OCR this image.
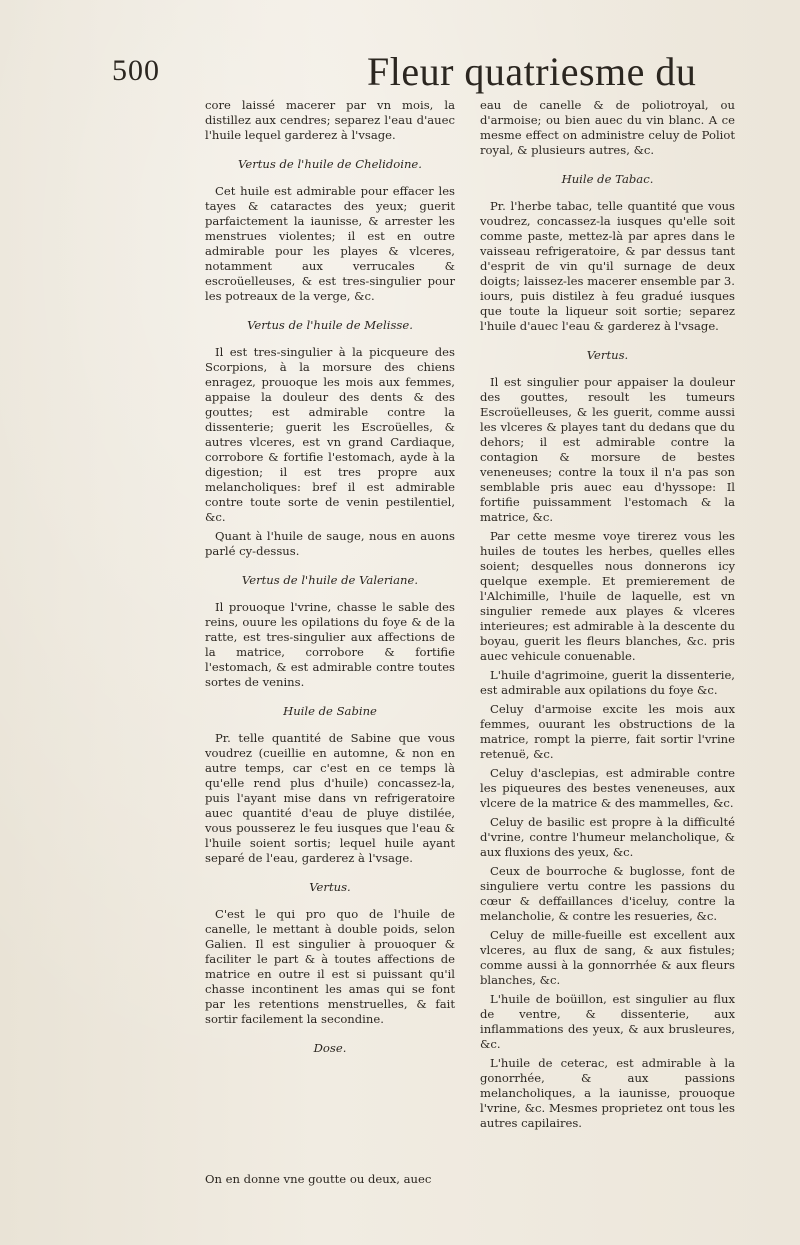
500	Fleur quatriesme du

core laissé macerer par vn mois, la distillez aux cendres; separez l'eau d'auec l'huile lequel garderez à l'vsage.

Vertus de l'huile de Chelidoine.

Cet huile est admirable pour effacer les tayes & cataractes des yeux; guerit parfaictement la iaunisse, & arrester les menstrues violentes; il est en outre admirable pour les playes & vlceres, notamment aux verrucales & escroüelleuses, & est tres-singulier pour les potreaux de la verge, &c.

Vertus de l'huile de Melisse.

Il est tres-singulier à la picqueure des Scorpions, à la morsure des chiens enragez, prouoque les mois aux femmes, appaise la douleur des dents & des gouttes; est admirable contre la dissenterie; guerit les Escroüelles, & autres vlceres, est vn grand Cardiaque, corrobore & fortifie l'estomach, ayde à la digestion; il est tres propre aux melancholiques: bref il est admirable contre toute sorte de venin pestilentiel, &c.

Quant à l'huile de sauge, nous en auons parlé cy-dessus.

Vertus de l'huile de Valeriane.

Il prouoque l'vrine, chasse le sable des reins, ouure les opilations du foye & de la ratte, est tres-singulier aux affections de la matrice, corrobore & fortifie l'estomach, & est admirable contre toutes sortes de venins.

Huile de Sabine

Pr. telle quantité de Sabine que vous voudrez (cueillie en automne, & non en autre temps, car c'est en ce temps là qu'elle rend plus d'huile) concassez-la, puis l'ayant mise dans vn refrigeratoire auec quantité d'eau de pluye distilée, vous pousserez le feu iusques que l'eau & l'huile soient sortis; lequel huile ayant separé de l'eau, garderez à l'vsage.

Vertus.

C'est le qui pro quo de l'huile de canelle, le mettant à double poids, selon Galien. Il est singulier à prouoquer & faciliter le part & à toutes affections de matrice en outre il est si puissant qu'il chasse incontinent les amas qui se font par les retentions menstruelles, & fait sortir facilement la secondine.

Dose.
On en donne vne goutte ou deux, auec

eau de canelle & de poliotroyal, ou d'armoise; ou bien auec du vin blanc. A ce mesme effect on administre celuy de Poliot royal, & plusieurs autres, &c.

Huile de Tabac.

Pr. l'herbe tabac, telle quantité que vous voudrez, concassez-la iusques qu'elle soit comme paste, mettez-là par apres dans le vaisseau refrigeratoire, & par dessus tant d'esprit de vin qu'il surnage de deux doigts; laissez-les macerer ensemble par 3. iours, puis distilez à feu gradué iusques que toute la liqueur soit sortie; separez l'huile d'auec l'eau & garderez à l'vsage.

Vertus.

Il est singulier pour appaiser la douleur des gouttes, resoult les tumeurs Escroüelleuses, & les guerit, comme aussi les vlceres & playes tant du dedans que du dehors; il est admirable contre la contagion & morsure de bestes veneneuses; contre la toux il n'a pas son semblable pris auec eau d'hyssope: Il fortifie puissamment l'estomach & la matrice, &c.

Par cette mesme voye tirerez vous les huiles de toutes les herbes, quelles elles soient; desquelles nous donnerons icy quelque exemple. Et premierement de l'Alchimille, l'huile de laquelle, est vn singulier remede aux playes & vlceres interieures; est admirable à la descente du boyau, guerit les fleurs blanches, &c. pris auec vehicule conuenable.

L'huile d'agrimoine, guerit la dissenterie, est admirable aux opilations du foye &c.

Celuy d'armoise excite les mois aux femmes, ouurant les obstructions de la matrice, rompt la pierre, fait sortir l'vrine retenuë, &c.

Celuy d'asclepias, est admirable contre les piqueures des bestes veneneuses, aux vlcere de la matrice & des mammelles, &c.

Celuy de basilic est propre à la difficulté d'vrine, contre l'humeur melancholique, & aux fluxions des yeux, &c.

Ceux de bourroche & buglosse, font de singuliere vertu contre les passions du cœur & deffaillances d'iceluy, contre la melancholie, & contre les resueries, &c.

Celuy de mille-fueille est excellent aux vlceres, au flux de sang, & aux fistules; comme aussi à la gonnorrhée & aux fleurs blanches, &c.

L'huile de boüillon, est singulier au flux de ventre, & dissenterie, aux inflammations des yeux, & aux brusleures, &c.

L'huile de ceterac, est admirable à la gonorrhée, & aux passions melancholiques, a la iaunisse, prouoque l'vrine, &c. Mesmes proprietez ont tous les autres capilaires.
